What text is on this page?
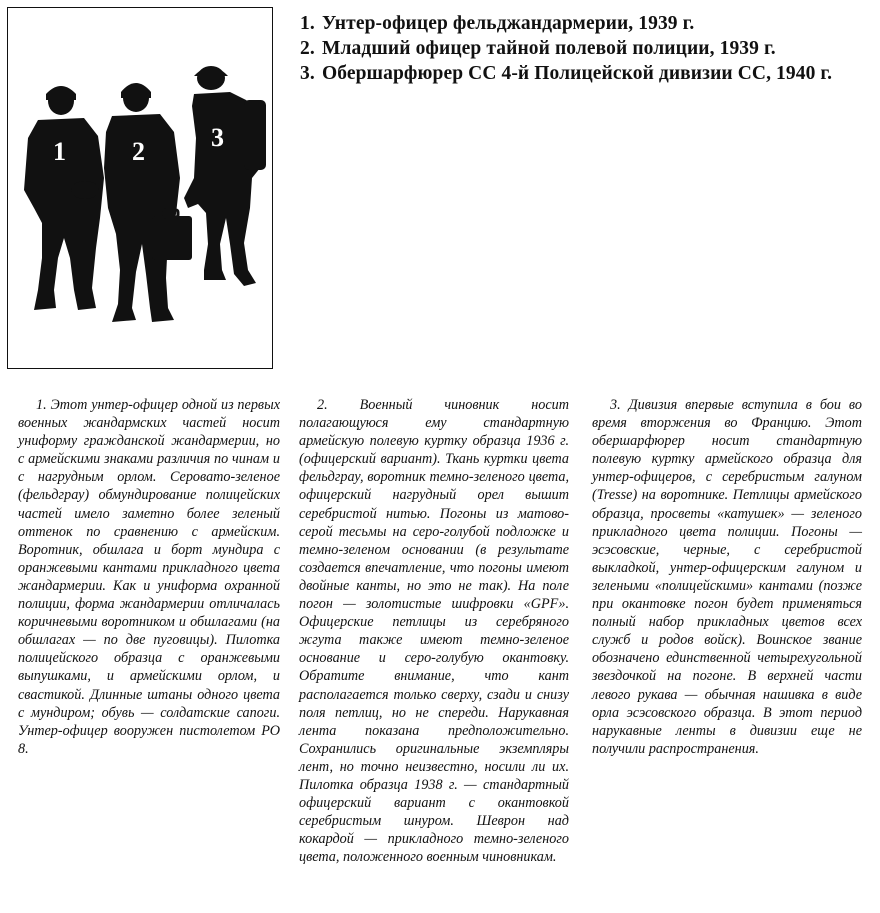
1	2	3
1. Унтер-офицер фельджандармерии, 1939 г.
2. Младший офицер тайной полевой полиции, 1939 г.
3. Обершарфюрер СС 4-й Полицейской дивизии СС, 1940 г.

1. Этот унтер-офицер одной из первых военных жандармских частей носит униформу гражданской жандармерии, но с армейскими знаками различия по чинам и с нагрудным орлом. Серовато-зеленое (фельдграу) обмундирование полицейских частей имело заметно более зеленый оттенок по сравнению с армейским. Воротник, обшлага и борт мундира с оранжевыми кантами прикладного цвета жандармерии. Как и униформа охранной полиции, форма жандармерии отличалась коричневыми воротником и обшлагами (на обшлагах — по две пуговицы). Пилотка полицейского образца с оранжевыми выпушками, и армейскими орлом, и свастикой. Длинные штаны одного цвета с мундиром; обувь — солдатские сапоги. Унтер-офицер вооружен пистолетом РО 8.

2. Военный чиновник носит полагающуюся ему стандартную армейскую полевую куртку образца 1936 г. (офицерский вариант). Ткань куртки цвета фельдграу, воротник темно-зеленого цвета, офицерский нагрудный орел вышит серебристой нитью. Погоны из матово-серой тесьмы на серо-голубой подложке и темно-зеленом основании (в результате создается впечатление, что погоны имеют двойные канты, но это не так). На поле погон — золотистые шифровки «GPF». Офицерские петлицы из серебряного жгута также имеют темно-зеленое основание и серо-голубую окантовку. Обратите внимание, что кант располагается только сверху, сзади и снизу поля петлиц, но не спереди. Нарукавная лента показана предположительно. Сохранились оригинальные экземпляры лент, но точно неизвестно, носили ли их. Пилотка образца 1938 г. — стандартный офицерский вариант с окантовкой серебристым шнуром. Шеврон над кокардой — прикладного темно-зеленого цвета, положенного военным чиновникам.

3. Дивизия впервые вступила в бои во время вторжения во Францию. Этот обершарфюрер носит стандартную полевую куртку армейского образца для унтер-офицеров, с серебристым галуном (Tresse) на воротнике. Петлицы армейского образца, просветы «катушек» — зеленого прикладного цвета полиции. Погоны — эсэсовские, черные, с серебристой выкладкой, унтер-офицерским галуном и зелеными «полицейскими» кантами (позже при окантовке погон будет применяться полный набор прикладных цветов всех служб и родов войск). Воинское звание обозначено единственной четырехугольной звездочкой на погоне. В верхней части левого рукава — обычная нашивка в виде орла эсэсовского образца. В этот период нарукавные ленты в дивизии еще не получили распространения.
